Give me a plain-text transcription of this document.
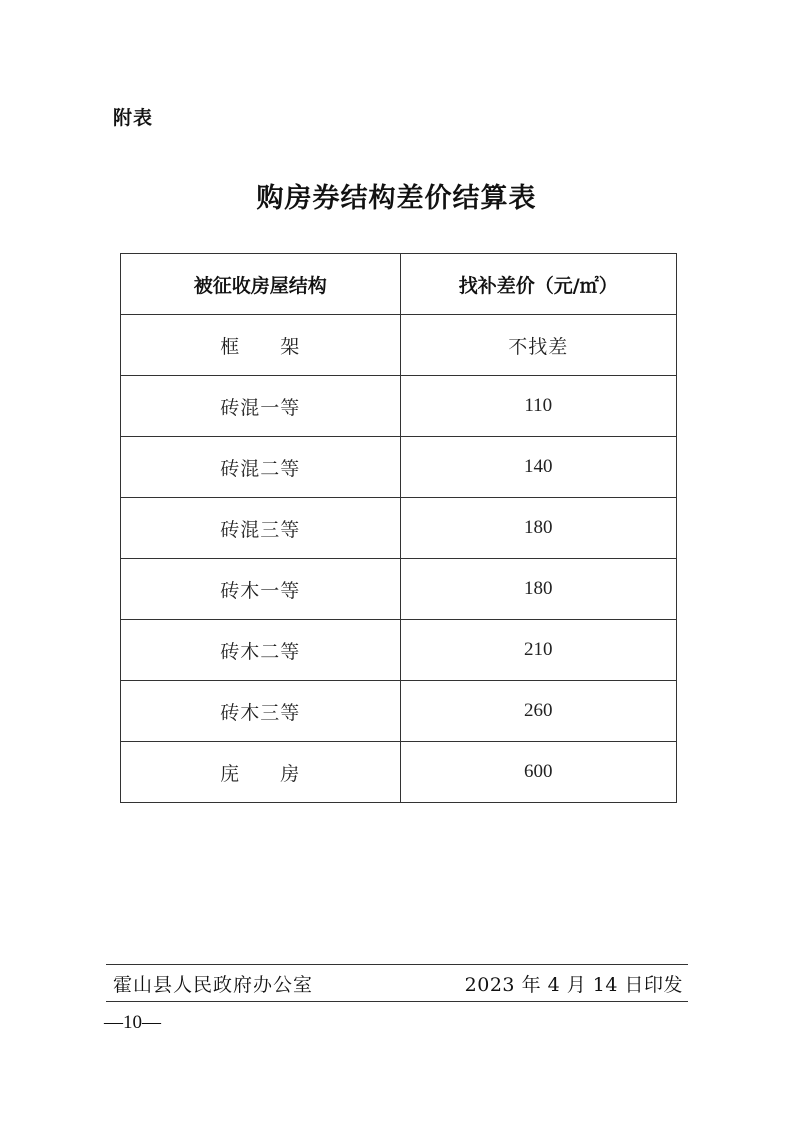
附表
购房券结构差价结算表
被征收房屋结构	找补差价（元/㎡）
框　　架	不找差
砖混一等	110
砖混二等	140
砖混三等	180
砖木一等	180
砖木二等	210
砖木三等	260
庑　　房	600
霍山县人民政府办公室	2023 年 4 月 14 日印发
—10—
